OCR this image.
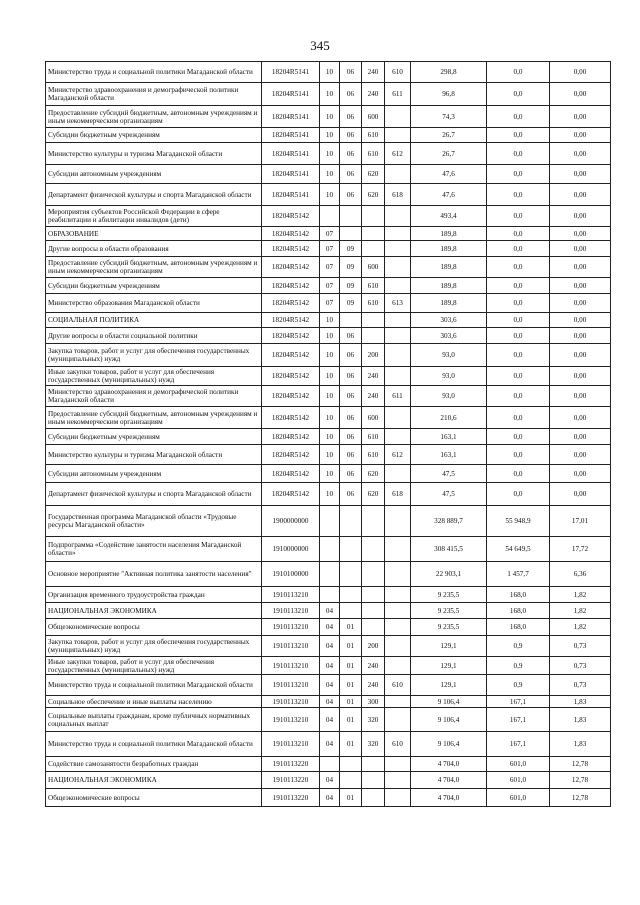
345
Министерство труда и социальной политики Магаданской области	18204R5141	10	06	240	610	298,8	0,0	0,00
Министерство здравоохранения и демографической политики Магаданской области	18204R5141	10	06	240	611	96,8	0,0	0,00
Предоставление субсидий бюджетным, автономным учреждениям и иным некоммерческим организациям	18204R5141	10	06	600		74,3	0,0	0,00
Субсидии бюджетным учреждениям	18204R5141	10	06	610		26,7	0,0	0,00
Министерство культуры и туризма Магаданской области	18204R5141	10	06	610	612	26,7	0,0	0,00
Субсидии автономным учреждениям	18204R5141	10	06	620		47,6	0,0	0,00
Департамент физической культуры и спорта Магаданской области	18204R5141	10	06	620	618	47,6	0,0	0,00
Мероприятия субъектов Российской Федерации в сфере реабилитации и абилитации инвалидов (дети)	18204R5142					493,4	0,0	0,00
ОБРАЗОВАНИЕ	18204R5142	07				189,8	0,0	0,00
Другие вопросы в области образования	18204R5142	07	09			189,8	0,0	0,00
Предоставление субсидий бюджетным, автономным учреждениям и иным некоммерческим организациям	18204R5142	07	09	600		189,8	0,0	0,00
Субсидии бюджетным учреждениям	18204R5142	07	09	610		189,8	0,0	0,00
Министерство образования Магаданской области	18204R5142	07	09	610	613	189,8	0,0	0,00
СОЦИАЛЬНАЯ ПОЛИТИКА	18204R5142	10				303,6	0,0	0,00
Другие вопросы в области социальной политики	18204R5142	10	06			303,6	0,0	0,00
Закупка товаров, работ и услуг для обеспечения государственных (муниципальных) нужд	18204R5142	10	06	200		93,0	0,0	0,00
Иные закупки товаров, работ и услуг для обеспечения государственных (муниципальных) нужд	18204R5142	10	06	240		93,0	0,0	0,00
Министерство здравоохранения и демографической политики Магаданской области	18204R5142	10	06	240	611	93,0	0,0	0,00
Предоставление субсидий бюджетным, автономным учреждениям и иным некоммерческим организациям	18204R5142	10	06	600		210,6	0,0	0,00
Субсидии бюджетным учреждениям	18204R5142	10	06	610		163,1	0,0	0,00
Министерство культуры и туризма Магаданской области	18204R5142	10	06	610	612	163,1	0,0	0,00
Субсидии автономным учреждениям	18204R5142	10	06	620		47,5	0,0	0,00
Департамент физической культуры и спорта Магаданской области	18204R5142	10	06	620	618	47,5	0,0	0,00
Государственная программа Магаданской области «Трудовые ресурсы Магаданской области»	1900000000					328 889,7	55 948,9	17,01
Подпрограмма «Содействие занятости населения Магаданской области»	1910000000					308 415,5	54 649,5	17,72
Основное мероприятие "Активная политика занятости населения"	1910100000					22 903,1	1 457,7	6,36
Организация временного трудоустройства граждан	1910113210					9 235,5	168,0	1,82
НАЦИОНАЛЬНАЯ ЭКОНОМИКА	1910113210	04				9 235,5	168,0	1,82
Общеэкономические вопросы	1910113210	04	01			9 235,5	168,0	1,82
Закупка товаров, работ и услуг для обеспечения государственных (муниципальных) нужд	1910113210	04	01	200		129,1	0,9	0,73
Иные закупки товаров, работ и услуг для обеспечения государственных (муниципальных) нужд	1910113210	04	01	240		129,1	0,9	0,73
Министерство труда и социальной политики Магаданской области	1910113210	04	01	240	610	129,1	0,9	0,73
Социальное обеспечение и иные выплаты населению	1910113210	04	01	300		9 106,4	167,1	1,83
Социальные выплаты гражданам, кроме публичных нормативных социальных выплат	1910113210	04	01	320		9 106,4	167,1	1,83
Министерство труда и социальной политики Магаданской области	1910113210	04	01	320	610	9 106,4	167,1	1,83
Содействие самозанятости безработных граждан	1910113220					4 704,0	601,0	12,78
НАЦИОНАЛЬНАЯ ЭКОНОМИКА	1910113220	04				4 704,0	601,0	12,78
Общеэкономические вопросы	1910113220	04	01			4 704,0	601,0	12,78
